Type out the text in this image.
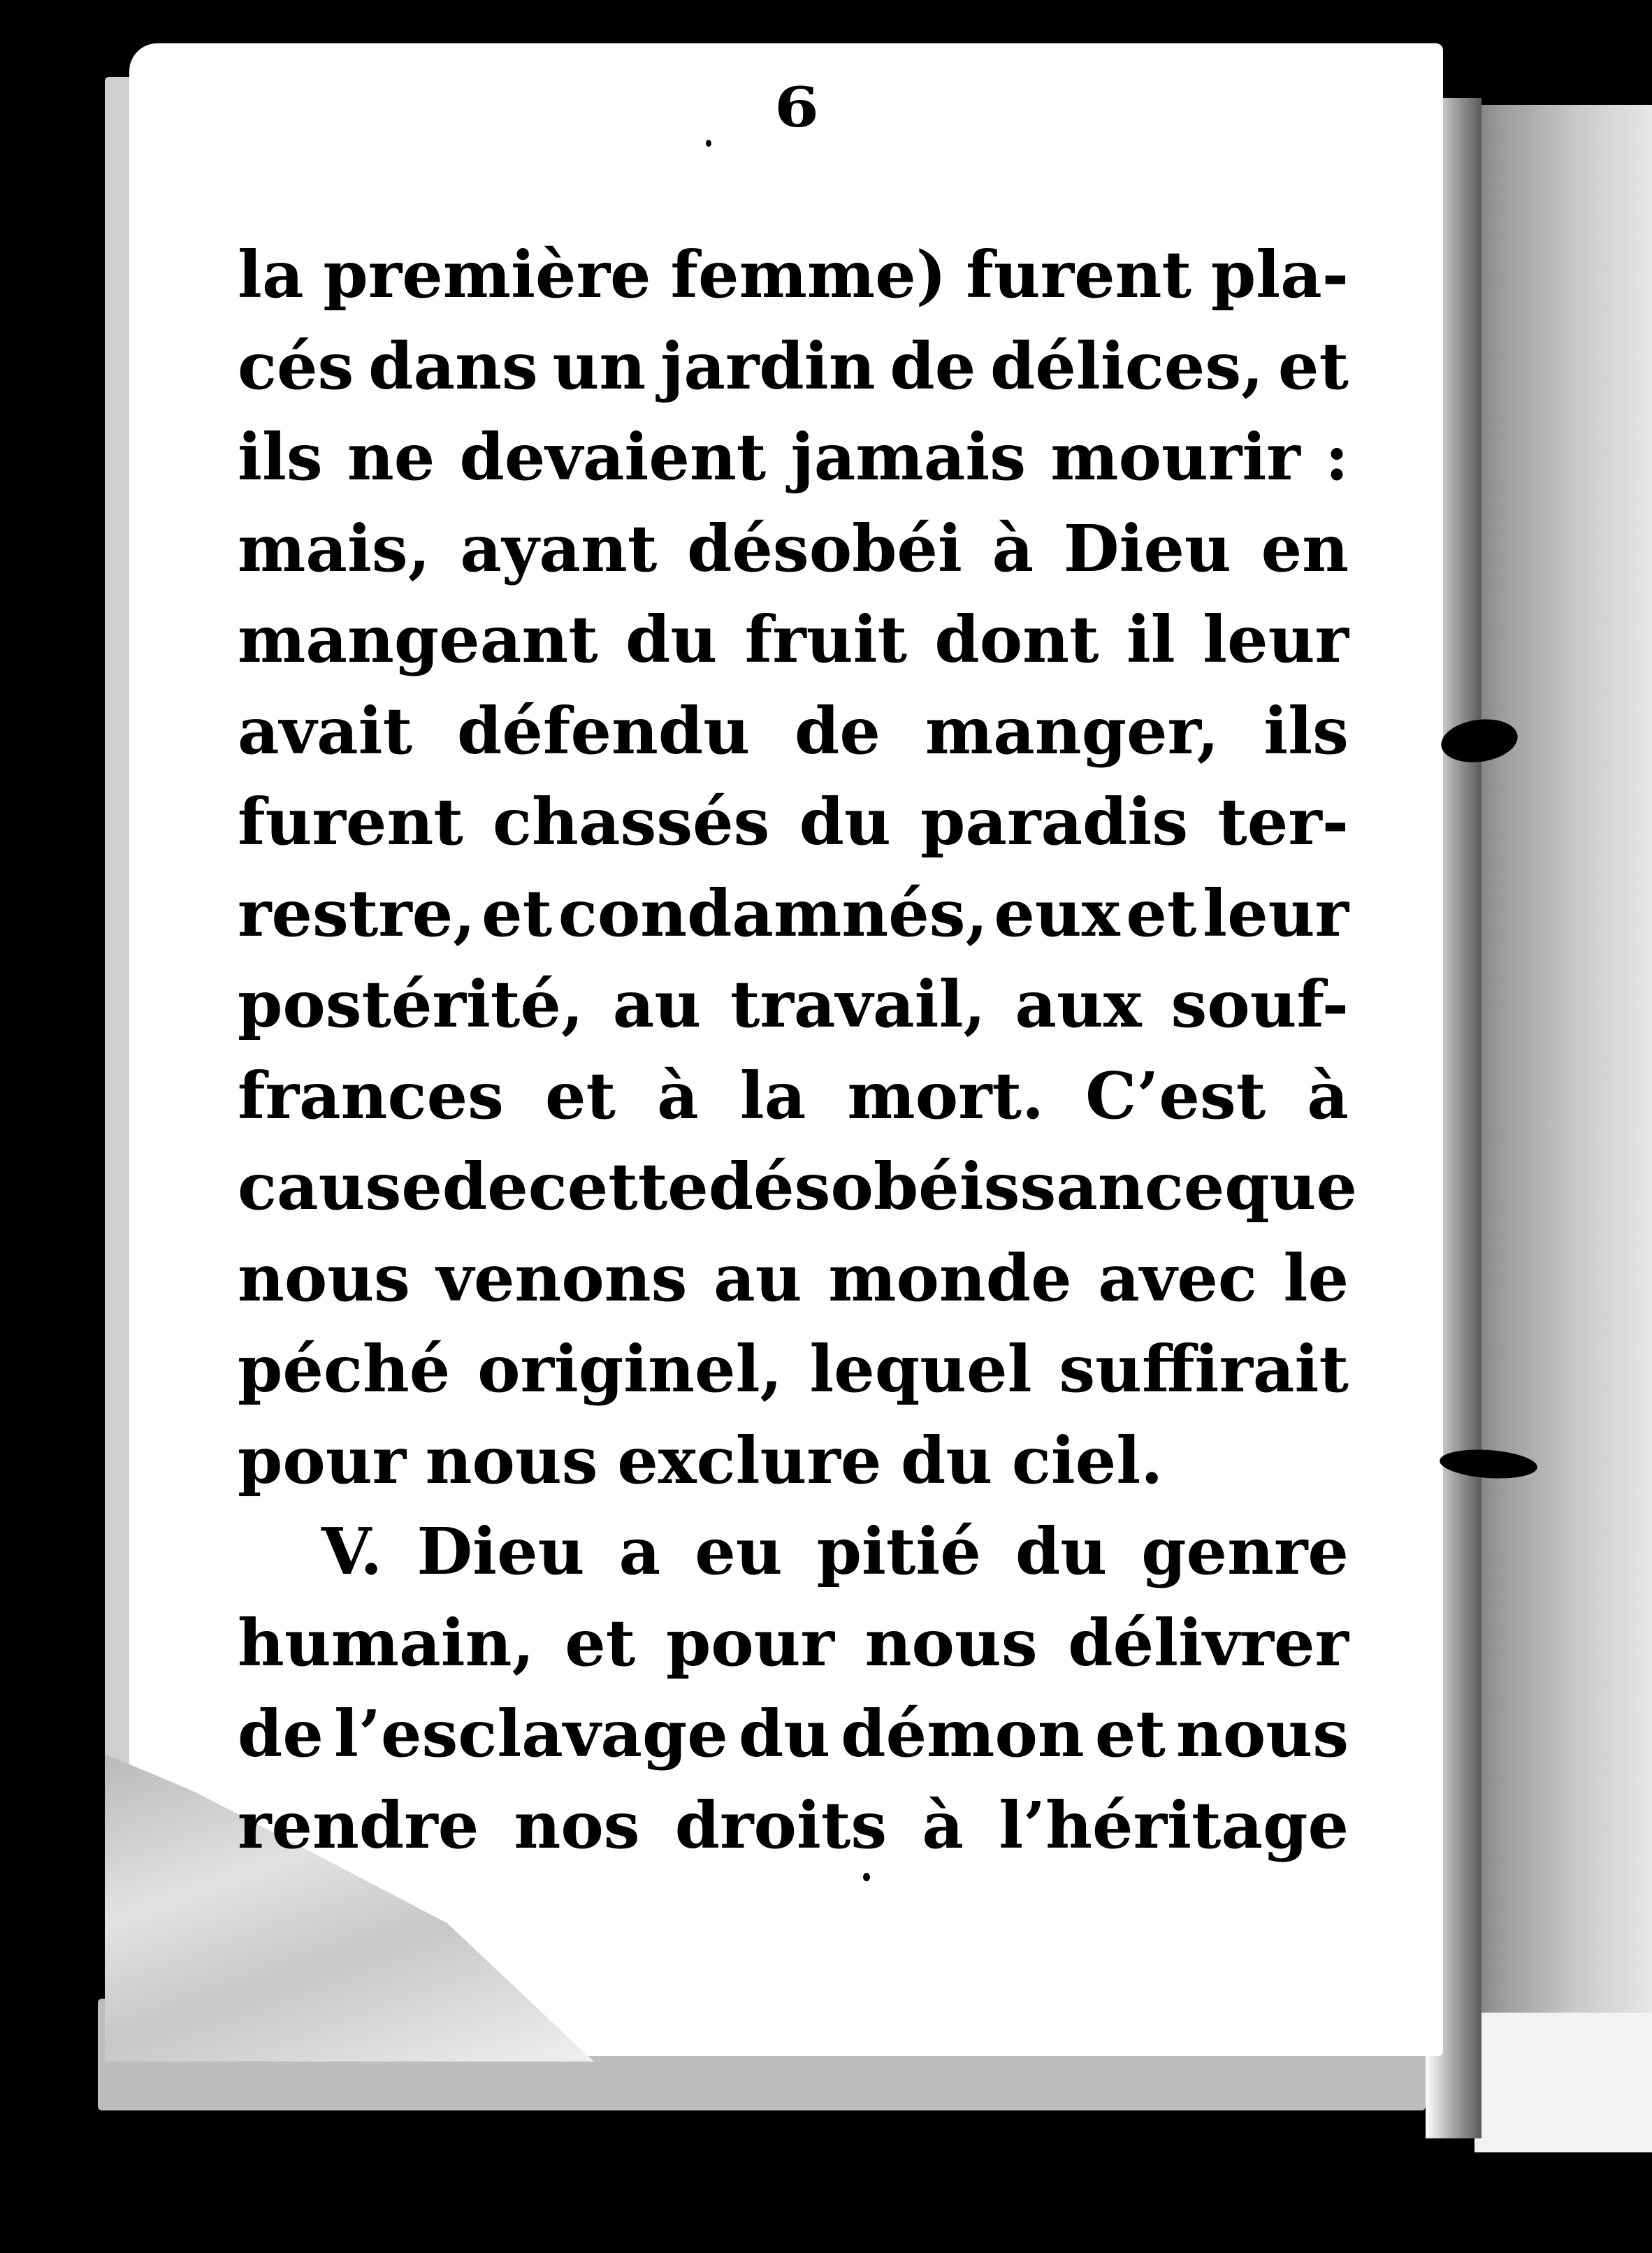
6
la première femme) furent pla-
cés dans un jardin de délices, et
ils ne devaient jamais mourir :
mais, ayant désobéi à Dieu en
mangeant du fruit dont il leur
avait défendu de manger, ils
furent chassés du paradis ter-
restre, et condamnés, eux et leur
postérité, au travail, aux souf-
frances et à la mort. C’est à
cause de cette désobéissance que
nous venons au monde avec le
péché originel, lequel suffirait
pour nous exclure du ciel.
V. Dieu a eu pitié du genre
humain, et pour nous délivrer
de l’esclavage du démon et nous
rendre nos droits à l’héritage
